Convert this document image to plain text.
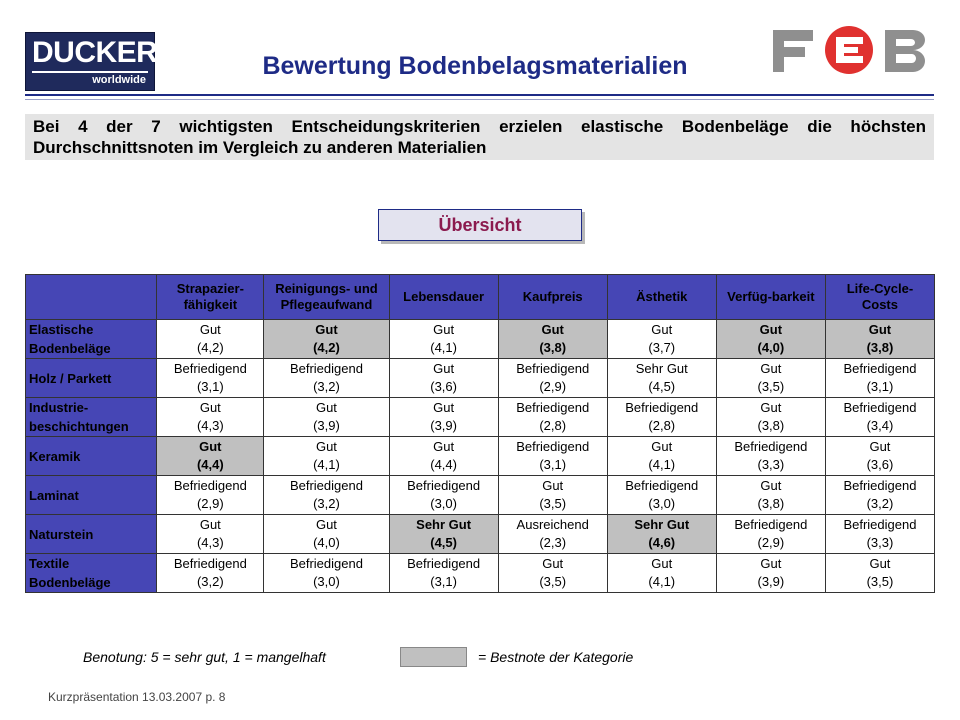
DUCKER
worldwide	Bewertung Bodenbelagsmaterialien

Bei 4 der 7 wichtigsten Entscheidungskriterien erzielen elastische Bodenbeläge die höchsten Durchschnittsnoten im Vergleich zu anderen Materialien

Übersicht
	Strapazier-
fähigkeit	Reinigungs- und
Pflegeaufwand	Lebensdauer	Kaufpreis	Ästhetik	Verfüg-barkeit	Life-Cycle-
Costs
Elastische
Bodenbeläge	Gut
(4,2)	Gut
(4,2)	Gut
(4,1)	Gut
(3,8)	Gut
(3,7)	Gut
(4,0)	Gut
(3,8)

Holz / Parkett	Befriedigend
(3,1)	Befriedigend
(3,2)	Gut
(3,6)	Befriedigend
(2,9)	Sehr Gut
(4,5)	Gut
(3,5)	Befriedigend
(3,1)

Industrie-
beschichtungen	Gut
(4,3)	Gut
(3,9)	Gut
(3,9)	Befriedigend
(2,8)	Befriedigend
(2,8)	Gut
(3,8)	Befriedigend
(3,4)

Keramik	Gut
(4,4)	Gut
(4,1)	Gut
(4,4)	Befriedigend
(3,1)	Gut
(4,1)	Befriedigend
(3,3)	Gut
(3,6)

Laminat	Befriedigend
(2,9)	Befriedigend
(3,2)	Befriedigend
(3,0)	Gut
(3,5)	Befriedigend
(3,0)	Gut
(3,8)	Befriedigend
(3,2)

Naturstein	Gut
(4,3)	Gut
(4,0)	Sehr Gut
(4,5)	Ausreichend
(2,3)	Sehr Gut
(4,6)	Befriedigend
(2,9)	Befriedigend
(3,3)

Textile
Bodenbeläge	Befriedigend
(3,2)	Befriedigend
(3,0)	Befriedigend
(3,1)	Gut
(3,5)	Gut
(4,1)	Gut
(3,9)	Gut
(3,5)
Benotung: 5 = sehr gut, 1 = mangelhaft	= Bestnote der Kategorie
Kurzpräsentation 13.03.2007 p. 8
